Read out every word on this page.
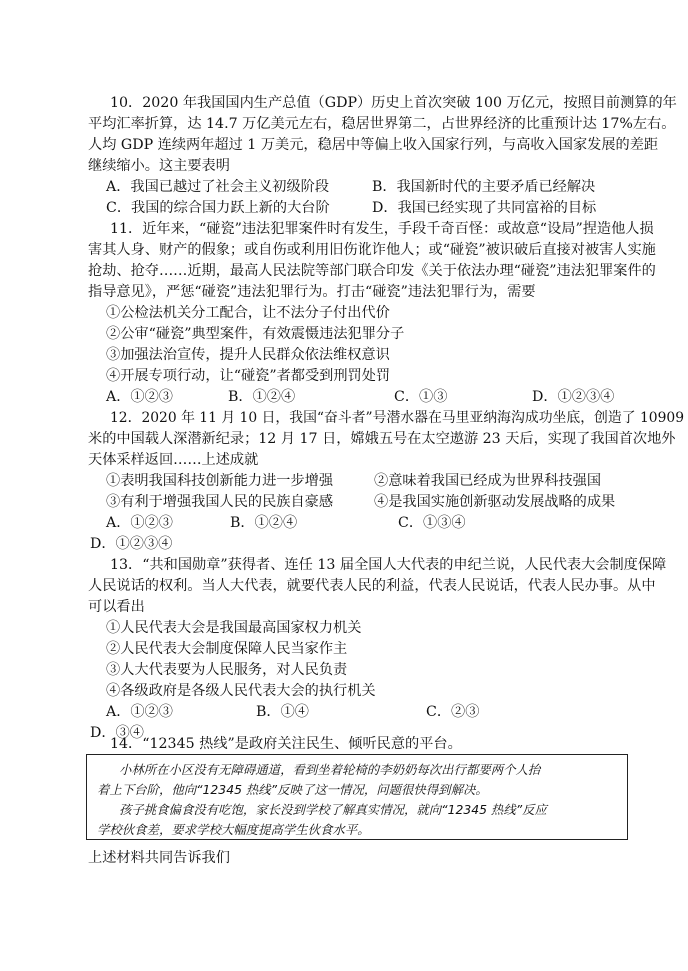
10．2020 年我国国内生产总值（GDP）历史上首次突破 100 万亿元，按照目前测算的年
平均汇率折算，达 14.7 万亿美元左右，稳居世界第二，占世界经济的比重预计达 17%左右。
人均 GDP 连续两年超过 1 万美元，稳居中等偏上收入国家行列，与高收入国家发展的差距
继续缩小。这主要表明
A．我国已越过了社会主义初级阶段	B．我国新时代的主要矛盾已经解决
C．我国的综合国力跃上新的大台阶	D．我国已经实现了共同富裕的目标
11．近年来，“碰瓷”违法犯罪案件时有发生，手段千奇百怪：或故意“设局”捏造他人损
害其人身、财产的假象；或自伤或利用旧伤讹诈他人；或“碰瓷”被识破后直接对被害人实施
抢劫、抢夺……近期，最高人民法院等部门联合印发《关于依法办理“碰瓷”违法犯罪案件的
指导意见》，严惩“碰瓷”违法犯罪行为。打击“碰瓷”违法犯罪行为，需要
①公检法机关分工配合，让不法分子付出代价
②公审“碰瓷”典型案件，有效震慑违法犯罪分子
③加强法治宣传，提升人民群众依法维权意识
④开展专项行动，让“碰瓷”者都受到刑罚处罚
A．①②③	B．①②④	C．①③	D．①②③④
12．2020 年 11 月 10 日，我国“奋斗者”号潜水器在马里亚纳海沟成功坐底，创造了 10909
米的中国载人深潜新纪录；12 月 17 日，嫦娥五号在太空遨游 23 天后，实现了我国首次地外
天体采样返回……上述成就
①表明我国科技创新能力进一步增强	②意味着我国已经成为世界科技强国
③有利于增强我国人民的民族自豪感	④是我国实施创新驱动发展战略的成果
A．①②③	B．①②④	C．①③④
D．①②③④
13．“共和国勋章”获得者、连任 13 届全国人大代表的申纪兰说，人民代表大会制度保障
人民说话的权利。当人大代表，就要代表人民的利益，代表人民说话，代表人民办事。从中
可以看出
①人民代表大会是我国最高国家权力机关
②人民代表大会制度保障人民当家作主
③人大代表要为人民服务，对人民负责
④各级政府是各级人民代表大会的执行机关
A．①②③	B．①④	C．②③
D．③④
14．“12345 热线”是政府关注民生、倾听民意的平台。
小林所在小区没有无障碍通道，看到坐着轮椅的李奶奶每次出行都要两个人抬
着上下台阶，他向“12345 热线”反映了这一情况，问题很快得到解决。
孩子挑食偏食没有吃饱，家长没到学校了解真实情况，就向“12345 热线”反应
学校伙食差，要求学校大幅度提高学生伙食水平。
上述材料共同告诉我们
